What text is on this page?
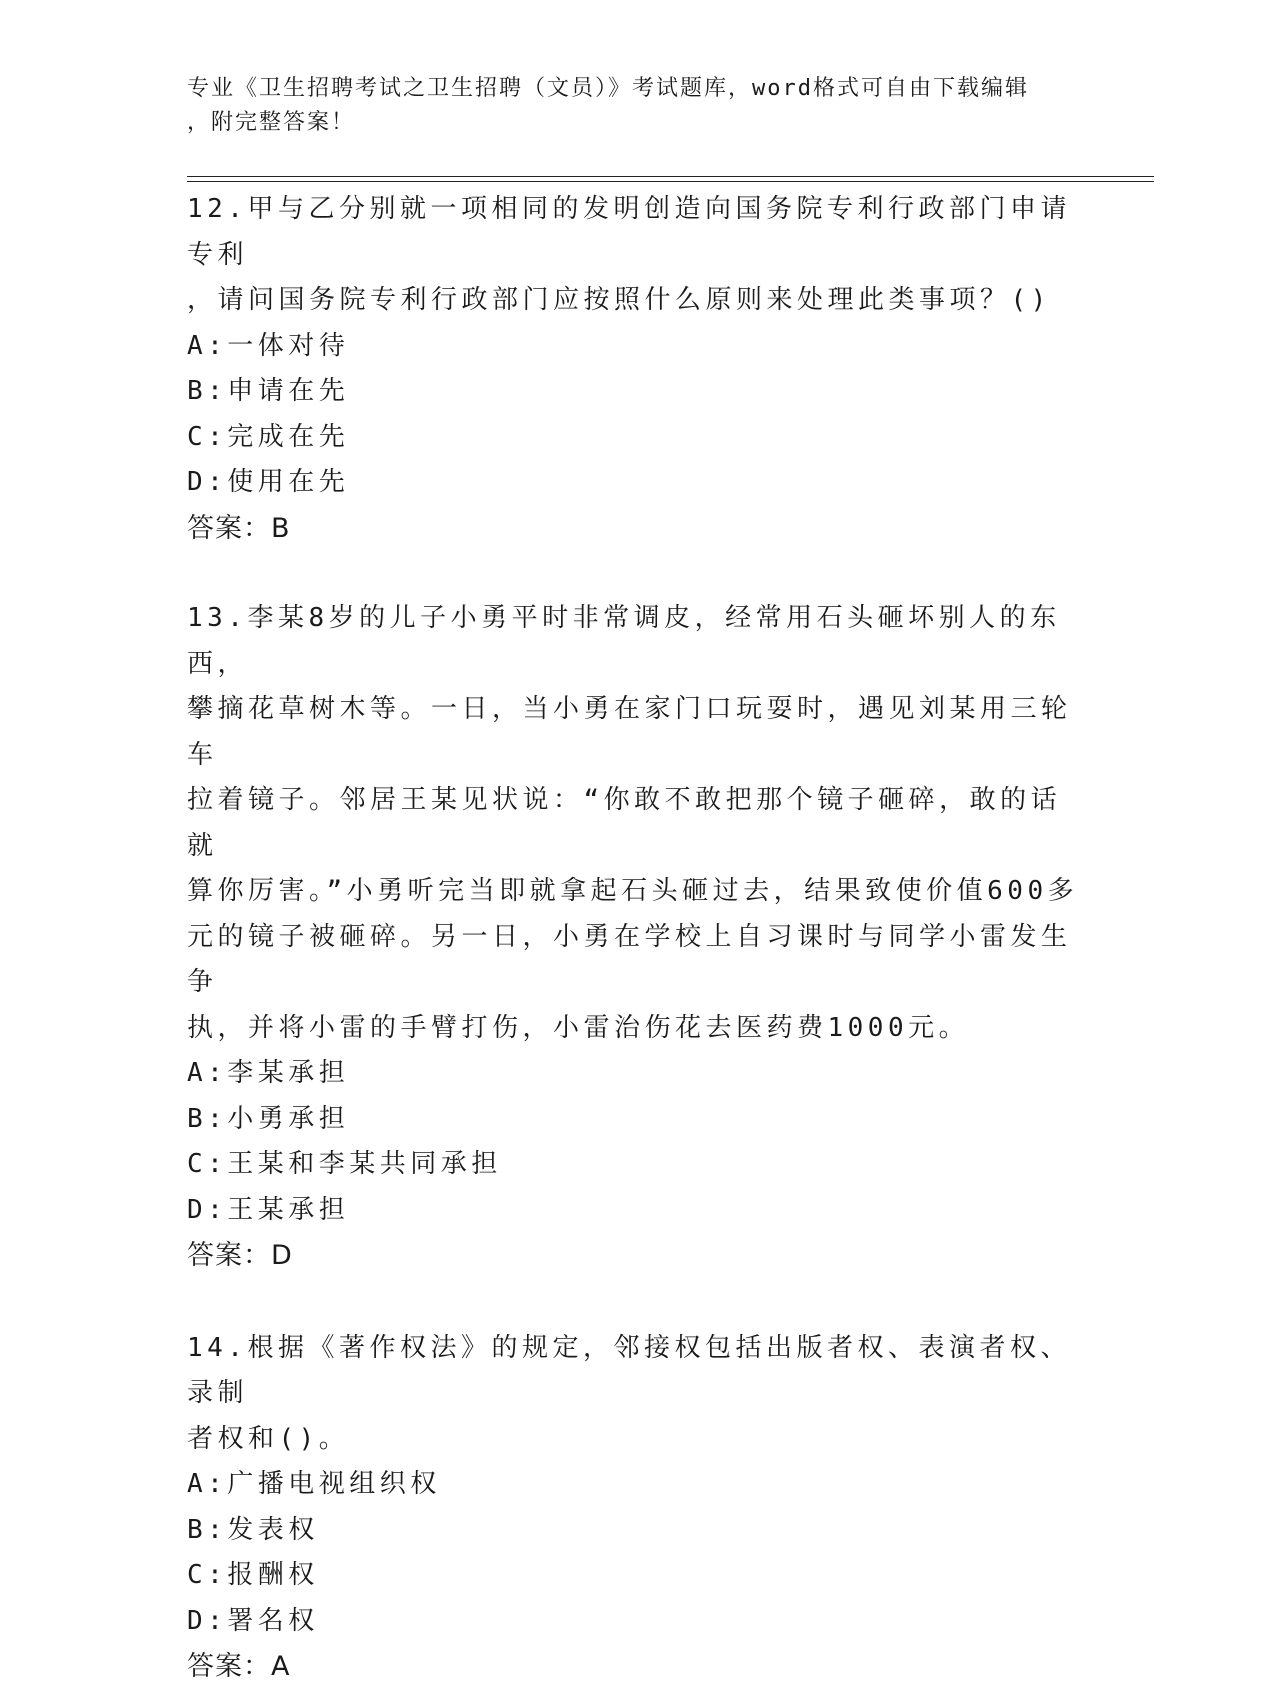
专业《卫生招聘考试之卫生招聘（文员）》考试题库，word格式可自由下载编辑
，附完整答案！
12.甲与乙分别就一项相同的发明创造向国务院专利行政部门申请专利
，请问国务院专利行政部门应按照什么原则来处理此类事项？()
A:一体对待
B:申请在先
C:完成在先
D:使用在先
答案：B
13.李某8岁的儿子小勇平时非常调皮，经常用石头砸坏别人的东西，
攀摘花草树木等。一日，当小勇在家门口玩耍时，遇见刘某用三轮车
拉着镜子。邻居王某见状说：“你敢不敢把那个镜子砸碎，敢的话就
算你厉害。”小勇听完当即就拿起石头砸过去，结果致使价值600多
元的镜子被砸碎。另一日，小勇在学校上自习课时与同学小雷发生争
执，并将小雷的手臂打伤，小雷治伤花去医药费1000元。
A:李某承担
B:小勇承担
C:王某和李某共同承担
D:王某承担
答案：D
14.根据《著作权法》的规定，邻接权包括出版者权、表演者权、录制
者权和()。
A:广播电视组织权
B:发表权
C:报酬权
D:署名权
答案：A
